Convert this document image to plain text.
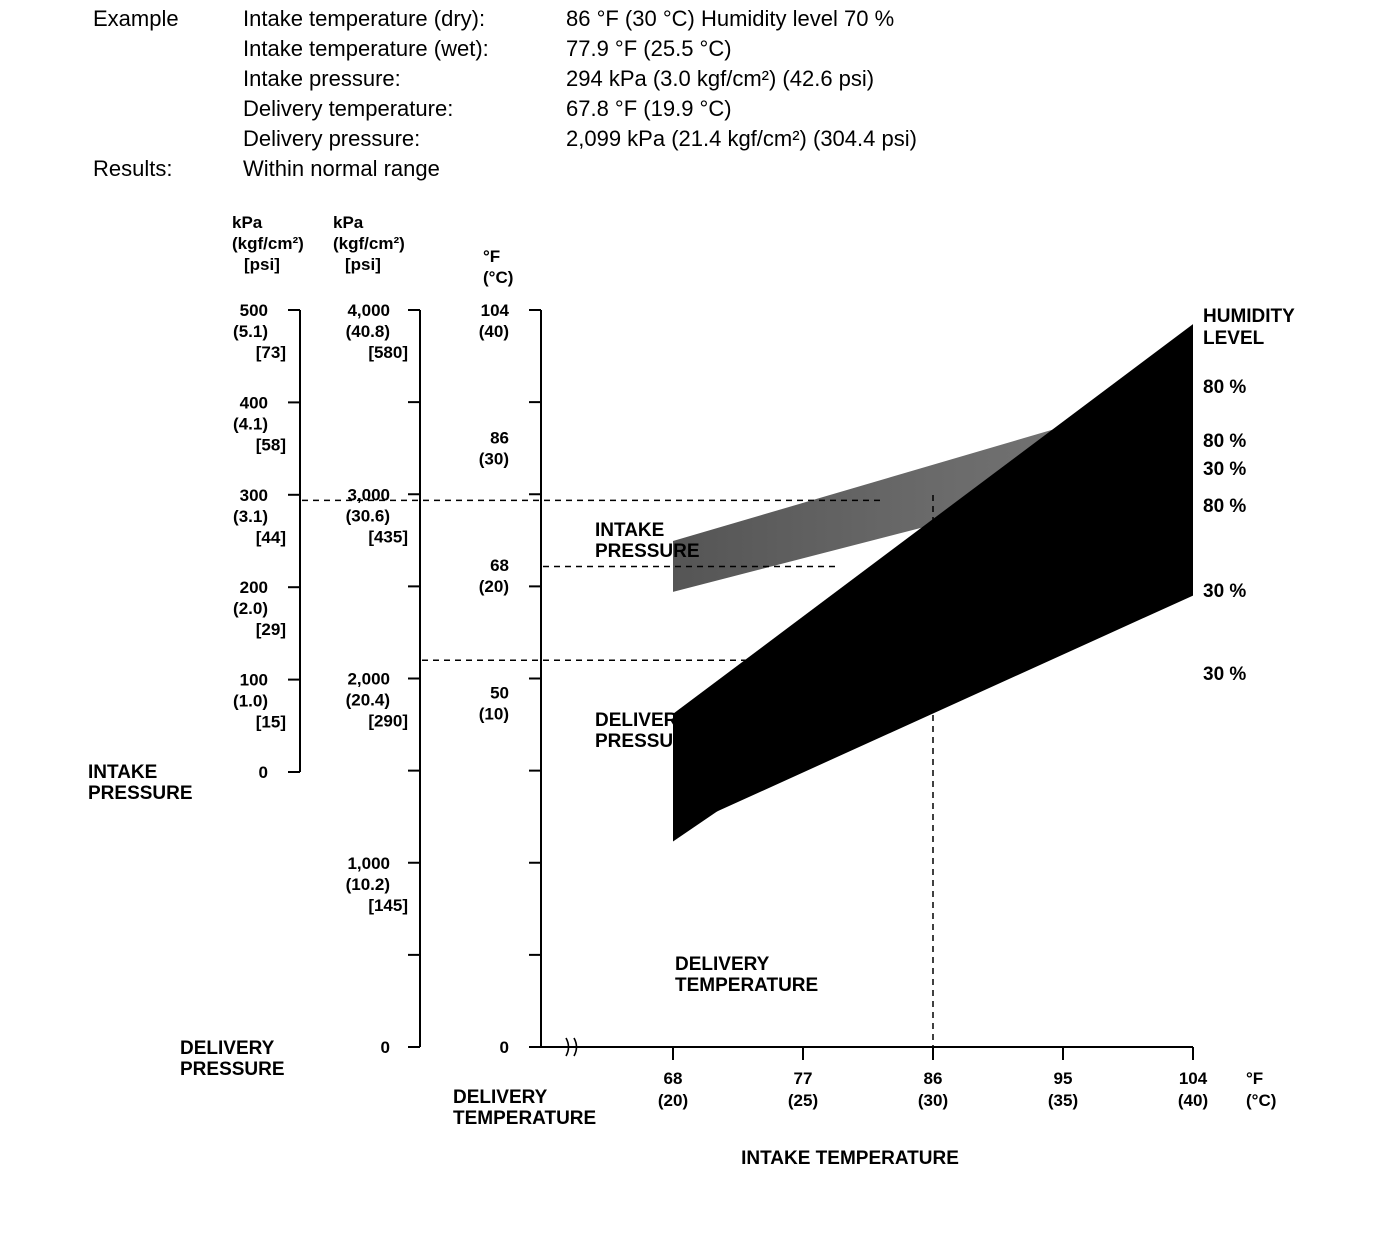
Example	Intake temperature (dry):	86 °F (30 °C) Humidity level 70 %
Intake temperature (wet):	77.9 °F (25.5 °C)
Intake pressure:	294 kPa (3.0 kgf/cm²) (42.6 psi)
Delivery temperature:	67.8 °F (19.9 °C)
Delivery pressure:	2,099 kPa (21.4 kgf/cm²) (304.4 psi)
Results:	Within normal range
kPa
(kgf/cm²)
[psi]
500
(5.1)
[73]
400
(4.1)
[58]
300
(3.1)
[44]
200
(2.0)
[29]
100
(1.0)
[15]
0
kPa
(kgf/cm²)
[psi]
4,000
(40.8)
[580]
3,000
(30.6)
[435]
2,000
(20.4)
[290]
1,000
(10.2)
[145]
0
°F
(°C)
104
(40)
86
(30)
68
(20)
50
(10)
0
INTAKE
PRESSURE
DELIVERY
PRESSURE
DELIVERY
TEMPERATURE
68
(20)
77
(25)
86
(30)
95
(35)
104
(40)
°F
(°C)
INTAKE TEMPERATURE
INTAKE
PRESSURE
DELIVERY
PRESSURE
DELIVERY
TEMPERATURE
HUMIDITY
LEVEL
80 %
30 %
80 %
30 %
80 %
30 %
